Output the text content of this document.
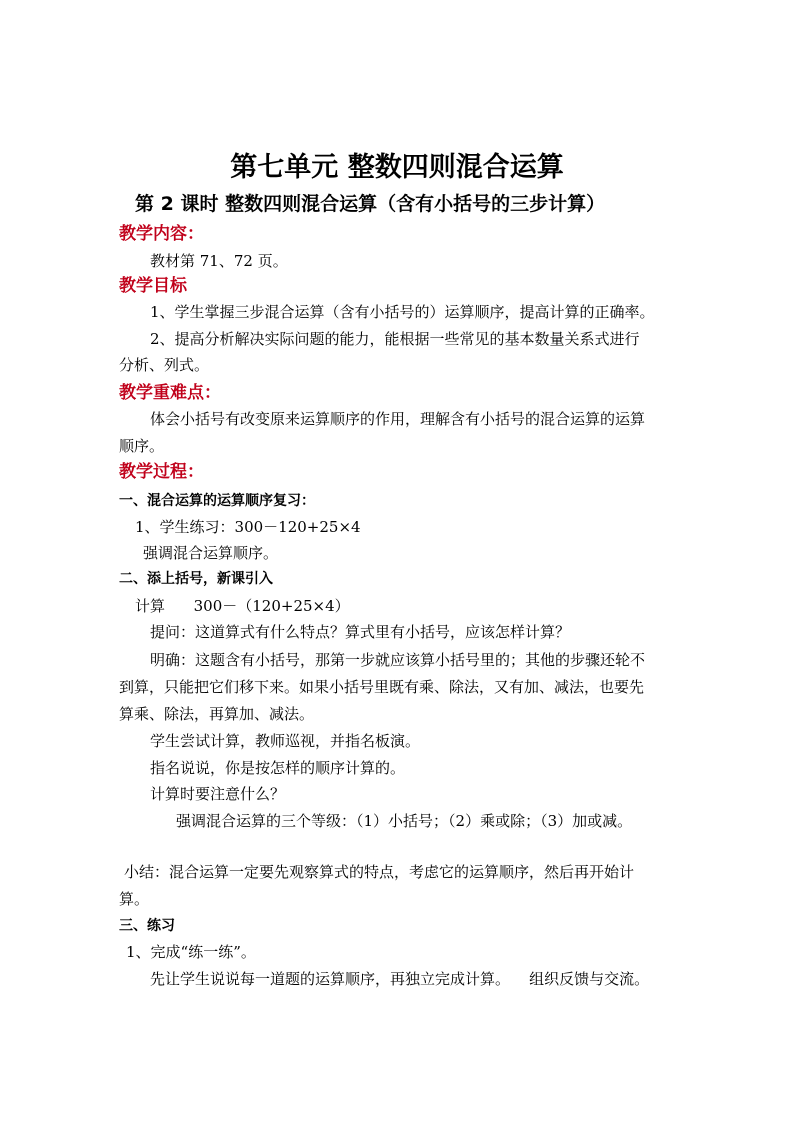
第七单元 整数四则混合运算
第 2 课时 整数四则混合运算（含有小括号的三步计算）
教学内容：
教材第 71、72 页。
教学目标
1、学生掌握三步混合运算（含有小括号的）运算顺序，提高计算的正确率。
2、提高分析解决实际问题的能力，能根据一些常见的基本数量关系式进行
分析、列式。
教学重难点：
体会小括号有改变原来运算顺序的作用，理解含有小括号的混合运算的运算
顺序。
教学过程：
一、混合运算的运算顺序复习：
1、学生练习：300－120+25×4
强调混合运算顺序。
二、添上括号，新课引入
计算      300－（120+25×4）
提问：这道算式有什么特点？算式里有小括号，应该怎样计算？
明确：这题含有小括号，那第一步就应该算小括号里的；其他的步骤还轮不
到算，只能把它们移下来。如果小括号里既有乘、除法，又有加、减法，也要先
算乘、除法，再算加、减法。
学生尝试计算，教师巡视，并指名板演。
指名说说，你是按怎样的顺序计算的。
计算时要注意什么？
强调混合运算的三个等级：（1）小括号；（2）乘或除；（3）加或减。
小结：混合运算一定要先观察算式的特点，考虑它的运算顺序，然后再开始计
算。
三、练习
1、完成“练一练”。
先让学生说说每一道题的运算顺序，再独立完成计算。    组织反馈与交流。
